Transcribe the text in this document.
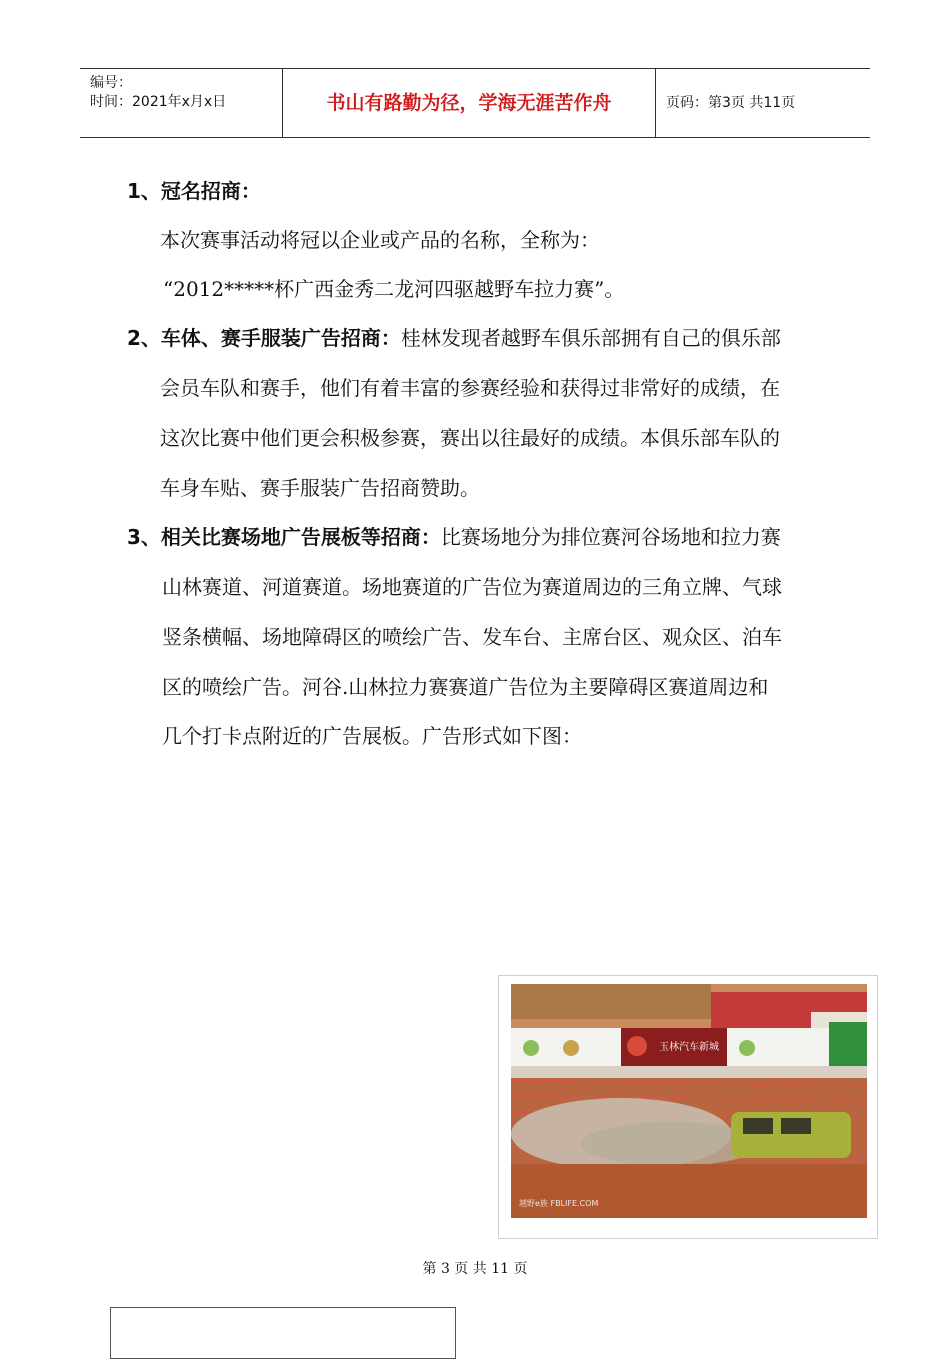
编号：
时间：2021年x月x日	书山有路勤为径，学海无涯苦作舟	页码：第3页 共11页
1、冠名招商：
本次赛事活动将冠以企业或产品的名称，全称为：
“2012*****杯广西金秀二龙河四驱越野车拉力赛”。
2、车体、赛手服装广告招商：桂林发现者越野车俱乐部拥有自己的俱乐部
会员车队和赛手，他们有着丰富的参赛经验和获得过非常好的成绩，在
这次比赛中他们更会积极参赛，赛出以往最好的成绩。本俱乐部车队的
车身车贴、赛手服装广告招商赞助。
3、相关比赛场地广告展板等招商：比赛场地分为排位赛河谷场地和拉力赛
山林赛道、河道赛道。场地赛道的广告位为赛道周边的三角立牌、气球
竖条横幅、场地障碍区的喷绘广告、发车台、主席台区、观众区、泊车
区的喷绘广告。河谷.山林拉力赛赛道广告位为主要障碍区赛道周边和
几个打卡点附近的广告展板。广告形式如下图：
玉林汽车新城
越野e族 FBLIFE.COM
第 3 页 共 11 页
